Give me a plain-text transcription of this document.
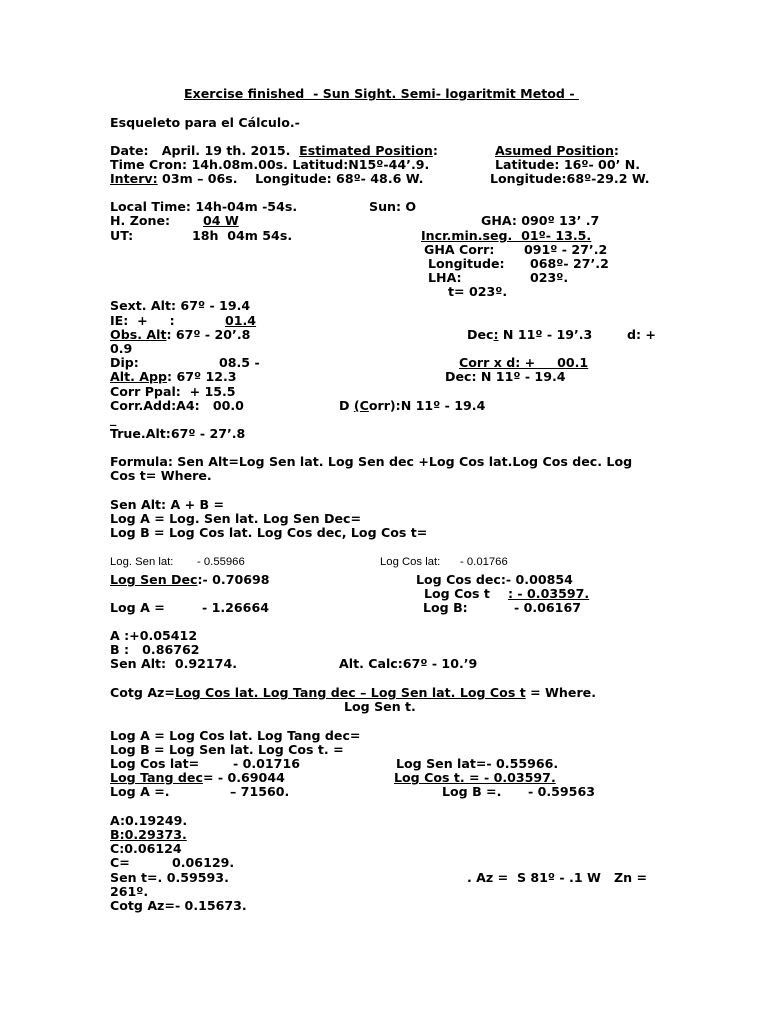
Exercise finished  - Sun Sight. Semi- logaritmit Metod -
Esqueleto para el Cálculo.-
Date:   April. 19 th. 2015. Estimated Position:	Asumed Position:
Time Cron: 14h.08m.00s. Latitud:N15º-44’.9.	Latitude: 16º- 00’ N.
Interv: 03m – 06s.    Longitude: 68º- 48.6 W.	Longitude:68º-29.2 W.
Local Time: 14h-04m -54s.	Sun: O
H. Zone:	04 W	GHA: 090º 13’ .7
UT:	18h  04m 54s.	Incr.min.seg.  01º- 13.5.
GHA Corr: 091º - 27’.2
Longitude: 068º- 27’.2
LHA:	023º.
t= 023º.
Sext. Alt: 67º - 19.4
IE:  +     :	01.4
Obs. Alt: 67º - 20’.8	Dec: N 11º - 19’.3	d: +
0.9
Dip:	08.5 -	Corr x d: +     00.1
Alt. App: 67º 12.3	Dec: N 11º - 19.4
Corr Ppal:  + 15.5
Corr.Add:A4:   00.0	D (Corr):N 11º - 19.4
_
True.Alt:67º - 27’.8
Formula: Sen Alt=Log Sen lat. Log Sen dec +Log Cos lat.Log Cos dec. Log
Cos t= Where.
Sen Alt: A + B =
Log A = Log. Sen lat. Log Sen Dec=
Log B = Log Cos lat. Log Cos dec, Log Cos t=
Log. Sen lat: - 0.55966	Log Cos lat: - 0.01766
Log Sen Dec:- 0.70698	Log Cos dec:- 0.00854
Log Cos t : - 0.03597.
Log A =	- 1.26664	Log B:	- 0.06167
A :+0.05412
B :   0.86762
Sen Alt:  0.92174.	Alt. Calc:67º - 10.’9
Cotg Az=Log Cos lat. Log Tang dec – Log Sen lat. Log Cos t = Where.
Log Sen t.
Log A = Log Cos lat. Log Tang dec=
Log B = Log Sen lat. Log Cos t. =
Log Cos lat=	- 0.01716	Log Sen lat=- 0.55966.
Log Tang dec= - 0.69044	Log Cos t. = - 0.03597.
Log A =.	– 71560.	Log B =. - 0.59563
A:0.19249.
B:0.29373.
C:0.06124
C=	0.06129.
Sen t=. 0.59593.	. Az =  S 81º - .1 W   Zn =
261º.
Cotg Az=- 0.15673.
